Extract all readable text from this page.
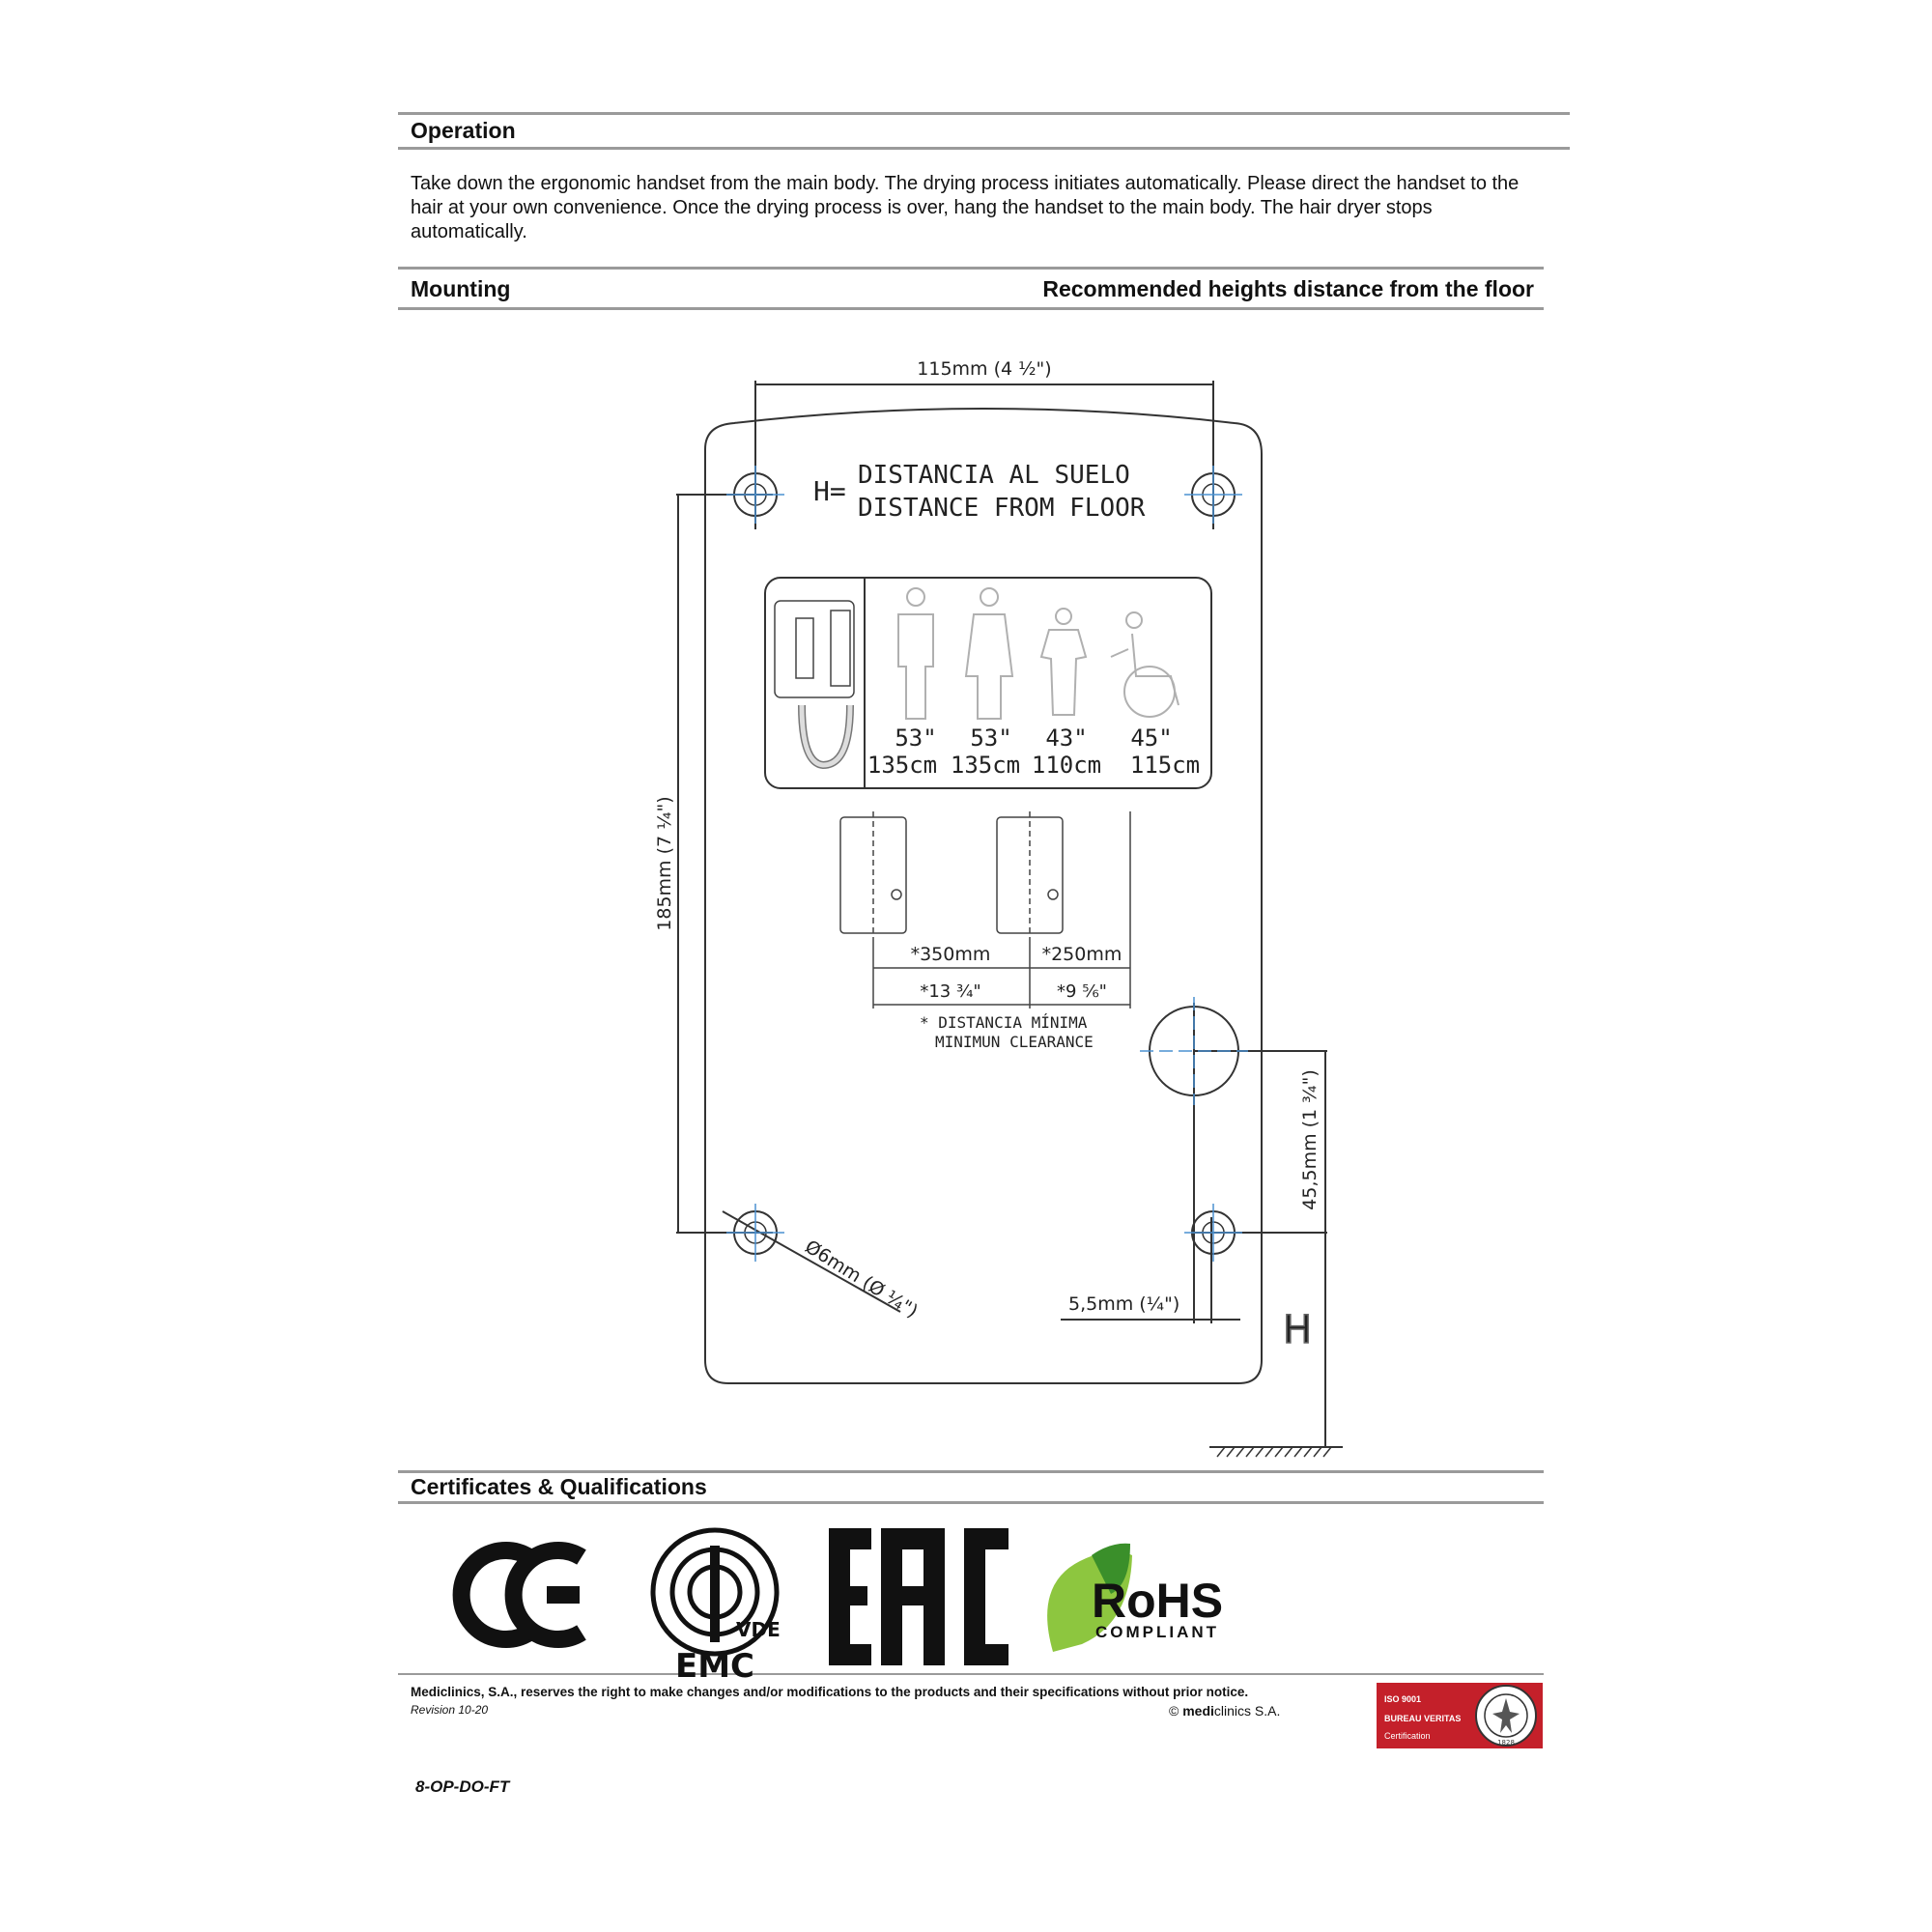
Operation
Take down the ergonomic handset from the main body. The drying process initiates automatically. Please direct the handset to the hair at your own convenience. Once the drying process is over, hang the handset to the main body. The hair dryer stops automatically.
Mounting	Recommended heights distance from the floor
Certificates & Qualifications
115mm (4 ½")
185mm (7 ¼")
45,5mm (1 ¾")
Ø6mm (Ø ¼")	5,5mm (¼")
H
H= DISTANCIA AL SUELO
DISTANCE FROM FLOOR
53"
135cm
53"
135cm
43"
110cm
45"
115cm
*350mm
*13 ¾"
*250mm
*9 ⅚"
* DISTANCIA MÍNIMA
MINIMUN CLEARANCE
VDE
EMC
RoHS
COMPLIANT
Mediclinics, S.A., reserves the right to make changes and/or modifications to the products and their specifications without prior notice.
Revision 10-20	© mediclinics S.A.
ISO 9001
BUREAU VERITAS
Certification
1828
8-OP-DO-FT
